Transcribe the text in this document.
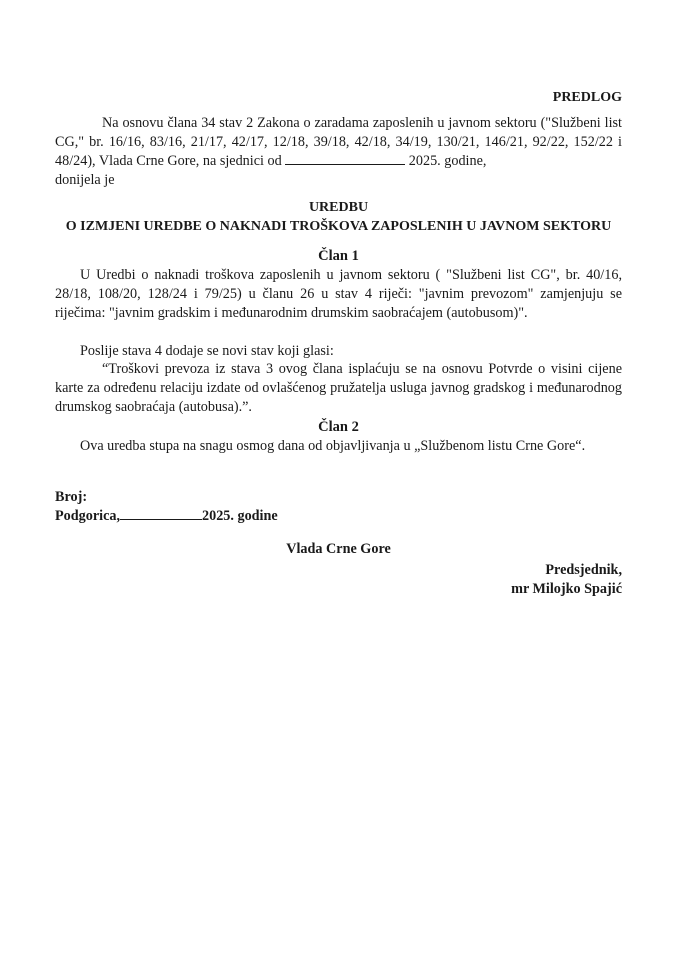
PREDLOG

Na osnovu člana 34 stav 2 Zakona o zaradama zaposlenih u javnom sektoru ("Službeni list CG," br. 16/16, 83/16, 21/17, 42/17, 12/18, 39/18, 42/18, 34/19, 130/21, 146/21, 92/22, 152/22 i 48/24), Vlada Crne Gore, na sjednici od	2025. godine,
donijela je

UREDBU

O IZMJENI UREDBE O NAKNADI TROŠKOVA ZAPOSLENIH U JAVNOM SEKTORU

Član 1

U Uredbi o naknadi troškova zaposlenih u javnom sektoru ( "Službeni list CG", br. 40/16, 28/18, 108/20, 128/24 i 79/25) u članu 26 u stav 4 riječi: "javnim prevozom" zamjenjuju se riječima: "javnim gradskim i međunarodnim drumskim saobraćajem (autobusom)".

Poslije stava 4 dodaje se novi stav koji glasi:

“Troškovi prevoza iz stava 3 ovog člana isplaćuju se na osnovu Potvrde o visini cijene karte za određenu relaciju izdate od ovlašćenog pružatelja usluga javnog gradskog i međunarodnog drumskog saobraćaja (autobusa).”.

Član 2

Ova uredba stupa na snagu osmog dana od objavljivanja u „Službenom listu Crne Gore“.

Broj:

Podgorica,	2025. godine

Vlada Crne Gore

Predsjednik,

mr Milojko Spajić
